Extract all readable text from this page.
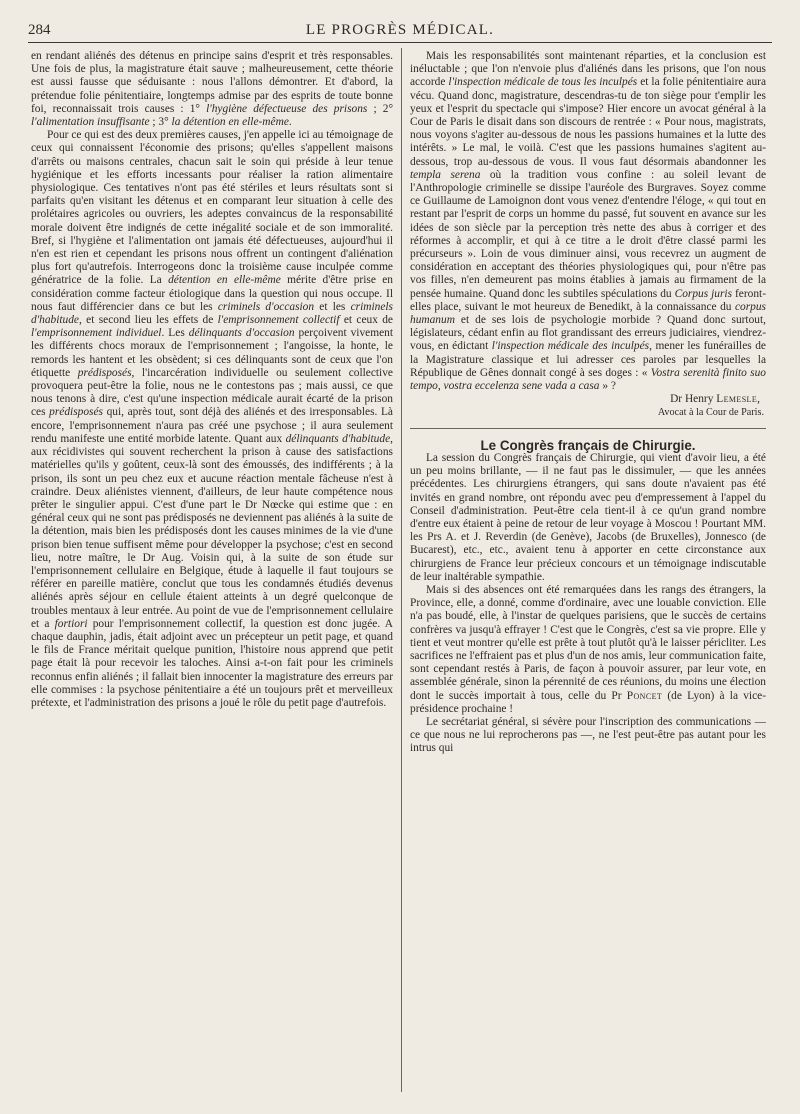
284	LE PROGRÈS MÉDICAL.

en rendant aliénés des détenus en principe sains d'esprit et très responsables. Une fois de plus, la magistrature était sauve ; malheureusement, cette théorie est aussi fausse que séduisante : nous l'allons démontrer. Et d'abord, la prétendue folie pénitentiaire, longtemps admise par des esprits de toute bonne foi, reconnaissait trois causes : 1° l'hygiène défectueuse des prisons ; 2° l'alimentation insuffisante ; 3° la détention en elle-même.

Pour ce qui est des deux premières causes, j'en appelle ici au témoignage de ceux qui connaissent l'économie des prisons; qu'elles s'appellent maisons d'arrêts ou maisons centrales, chacun sait le soin qui préside à leur tenue hygiénique et les efforts incessants pour réaliser la ration alimentaire physiologique. Ces tentatives n'ont pas été stériles et leurs résultats sont si parfaits qu'en visitant les détenus et en comparant leur situation à celle des prolétaires agricoles ou ouvriers, les adeptes convaincus de la responsabilité morale doivent être indignés de cette inégalité sociale et de son immoralité. Bref, si l'hygiène et l'alimentation ont jamais été défectueuses, aujourd'hui il n'en est rien et cependant les prisons nous offrent un contingent d'aliénation plus fort qu'autrefois. Interrogeons donc la troisième cause inculpée comme génératrice de la folie. La détention en elle-même mérite d'être prise en considération comme facteur étiologique dans la question qui nous occupe. Il nous faut différencier dans ce but les criminels d'occasion et les criminels d'habitude, et second lieu les effets de l'emprisonnement collectif et ceux de l'emprisonnement individuel. Les délinquants d'occasion perçoivent vivement les différents chocs moraux de l'emprisonnement ; l'angoisse, la honte, le remords les hantent et les obsèdent; si ces délinquants sont de ceux que l'on étiquette prédisposés, l'incarcération individuelle ou seulement collective provoquera peut-être la folie, nous ne le contestons pas ; mais aussi, ce que nous tenons à dire, c'est qu'une inspection médicale aurait écarté de la prison ces prédisposés qui, après tout, sont déjà des aliénés et des irresponsables. Là encore, l'emprisonnement n'aura pas créé une psychose ; il aura seulement rendu manifeste une entité morbide latente. Quant aux délinquants d'habitude, aux récidivistes qui souvent recherchent la prison à cause des satisfactions matérielles qu'ils y goûtent, ceux-là sont des émoussés, des indifférents ; à la prison, ils sont un peu chez eux et aucune réaction mentale fâcheuse n'est à craindre. Deux aliénistes viennent, d'ailleurs, de leur haute compétence nous prêter le singulier appui. C'est d'une part le Dr Nœcke qui estime que : en général ceux qui ne sont pas prédisposés ne deviennent pas aliénés à la suite de la détention, mais bien les prédisposés dont les causes minimes de la vie d'une prison bien tenue suffisent même pour développer la psychose; c'est en second lieu, notre maître, le Dr Aug. Voisin qui, à la suite de son étude sur l'emprisonnement cellulaire en Belgique, étude à laquelle il faut toujours se référer en pareille matière, conclut que tous les condamnés étudiés devenus aliénés après séjour en cellule étaient atteints à un degré quelconque de troubles mentaux à leur entrée. Au point de vue de l'emprisonnement cellulaire et a fortiori pour l'emprisonnement collectif, la question est donc jugée. A chaque dauphin, jadis, était adjoint avec un précepteur un petit page, et quand le fils de France méritait quelque punition, l'histoire nous apprend que petit page était là pour recevoir les taloches. Ainsi a-t-on fait pour les criminels reconnus enfin aliénés ; il fallait bien innocenter la magistrature des erreurs par elle commises : la psychose pénitentiaire a été un toujours prêt et merveilleux prétexte, et l'administration des prisons a joué le rôle du petit page d'autrefois.

Mais les responsabilités sont maintenant réparties, et la conclusion est inéluctable ; que l'on n'envoie plus d'aliénés dans les prisons, que l'on nous accorde l'inspection médicale de tous les inculpés et la folie pénitentiaire aura vécu. Quand donc, magistrature, descendras-tu de ton siège pour t'emplir les yeux et l'esprit du spectacle qui s'impose? Hier encore un avocat général à la Cour de Paris le disait dans son discours de rentrée : « Pour nous, magistrats, nous voyons s'agiter au-dessous de nous les passions humaines et la lutte des intérêts. » Le mal, le voilà. C'est que les passions humaines s'agitent au-dessous, trop au-dessous de vous. Il vous faut désormais abandonner les templa serena où la tradition vous confine : au soleil levant de l'Anthropologie criminelle se dissipe l'auréole des Burgraves. Soyez comme ce Guillaume de Lamoignon dont vous venez d'entendre l'éloge, « qui tout en restant par l'esprit de corps un homme du passé, fut souvent en avance sur les idées de son siècle par la perception très nette des abus à corriger et des réformes à accomplir, et qui à ce titre a le droit d'être classé parmi les précurseurs ». Loin de vous diminuer ainsi, vous recevrez un augment de considération en acceptant des théories physiologiques qui, pour n'être pas vos filles, n'en demeurent pas moins établies à jamais au firmament de la pensée humaine. Quand donc les subtiles spéculations du Corpus juris feront-elles place, suivant le mot heureux de Benedikt, à la connaissance du corpus humanum et de ses lois de psychologie morbide ? Quand donc surtout, législateurs, cédant enfin au flot grandissant des erreurs judiciaires, viendrez-vous, en édictant l'inspection médicale des inculpés, mener les funérailles de la Magistrature classique et lui adresser ces paroles par lesquelles la République de Gênes donnait congé à ses doges : « Vostra serenità finito suo tempo, vostra eccelenza sene vada a casa » ?

Dr Henry Lemesle,

Avocat à la Cour de Paris.

Le Congrès français de Chirurgie.

La session du Congrès français de Chirurgie, qui vient d'avoir lieu, a été un peu moins brillante, — il ne faut pas le dissimuler, — que les années précédentes. Les chirurgiens étrangers, qui sans doute n'avaient pas été invités en grand nombre, ont répondu avec peu d'empressement à l'appel du Conseil d'administration. Peut-être cela tient-il à ce qu'un grand nombre d'entre eux étaient à peine de retour de leur voyage à Moscou ! Pourtant MM. les Prs A. et J. Reverdin (de Genève), Jacobs (de Bruxelles), Jonnesco (de Bucarest), etc., etc., avaient tenu à apporter en cette circonstance aux chirurgiens de France leur précieux concours et un témoignage indiscutable de leur inaltérable sympathie.

Mais si des absences ont été remarquées dans les rangs des étrangers, la Province, elle, a donné, comme d'ordinaire, avec une louable conviction. Elle n'a pas boudé, elle, à l'instar de quelques parisiens, que le succès de certains confrères va jusqu'à effrayer ! C'est que le Congrès, c'est sa vie propre. Elle y tient et veut montrer qu'elle est prête à tout plutôt qu'à le laisser péricliter. Les sacrifices ne l'effraient pas et plus d'un de nos amis, leur communication faite, sont cependant restés à Paris, de façon à pouvoir assurer, par leur vote, en assemblée générale, sinon la pérennité de ces réunions, du moins une élection dont le succès importait à tous, celle du Pr Poncet (de Lyon) à la vice-présidence prochaine !

Le secrétariat général, si sévère pour l'inscription des communications — ce que nous ne lui reprocherons pas —, ne l'est peut-être pas autant pour les intrus qui
